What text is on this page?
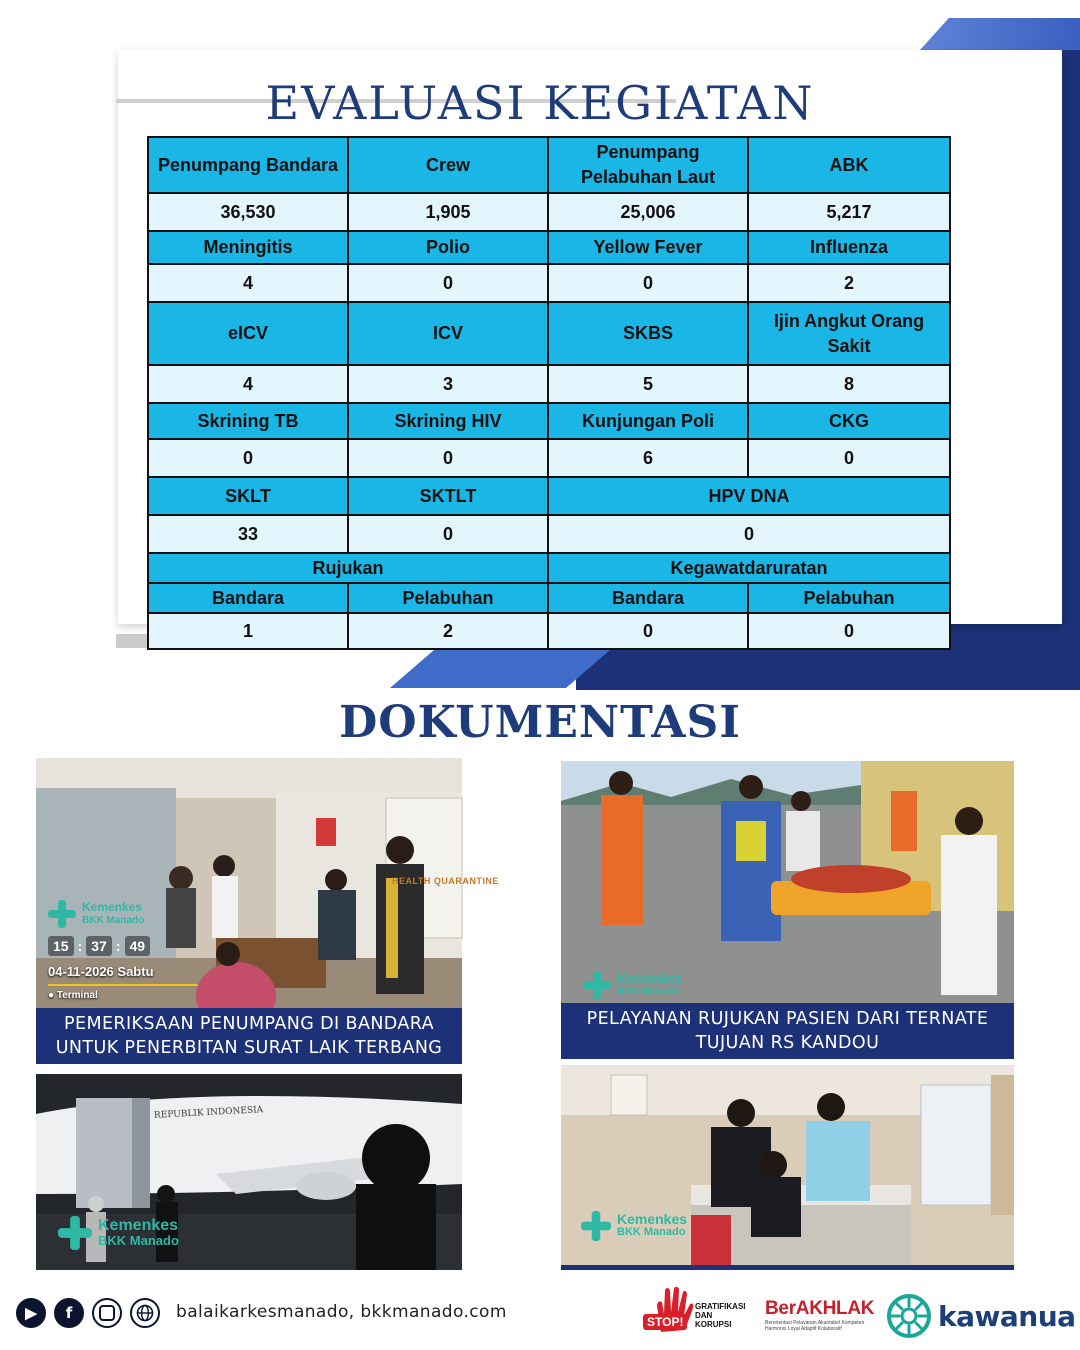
EVALUASI KEGIATAN
Penumpang Bandara	Crew	Penumpang Pelabuhan Laut	ABK
36,530	1,905	25,006	5,217
Meningitis	Polio	Yellow Fever	Influenza
4	0	0	2
eICV	ICV	SKBS	Ijin Angkut Orang Sakit
4	3	5	8
Skrining TB	Skrining HIV	Kunjungan Poli	CKG
0	0	6	0
SKLT	SKTLT	HPV DNA	
33	0	0	
Rujukan		Kegawatdaruratan	
Bandara	Pelabuhan	Bandara	Pelabuhan
1	2	0	0
DOKUMENTASI
HEALTH QUARANTINE
Kemenkes
BKK Manado
15 : 37 : 49
04-11-2026 Sabtu
● Terminal
PEMERIKSAAN PENUMPANG DI BANDARA UNTUK PENERBITAN SURAT LAIK TERBANG
Kemenkes
BKK Manado
PELAYANAN RUJUKAN PASIEN DARI TERNATE TUJUAN RS KANDOU
REPUBLIK INDONESIA
Kemenkes
BKK Manado
Kemenkes
BKK Manado
▶	f	balaikarkesmanado, bkkmanado.com	STOP!
GRATIFIKASI
DAN
KORUPSI
BerAKHLAK
Berorientasi Pelayanan Akuntabel Kompeten Harmonis Loyal Adaptif Kolaboratif	kawanua
